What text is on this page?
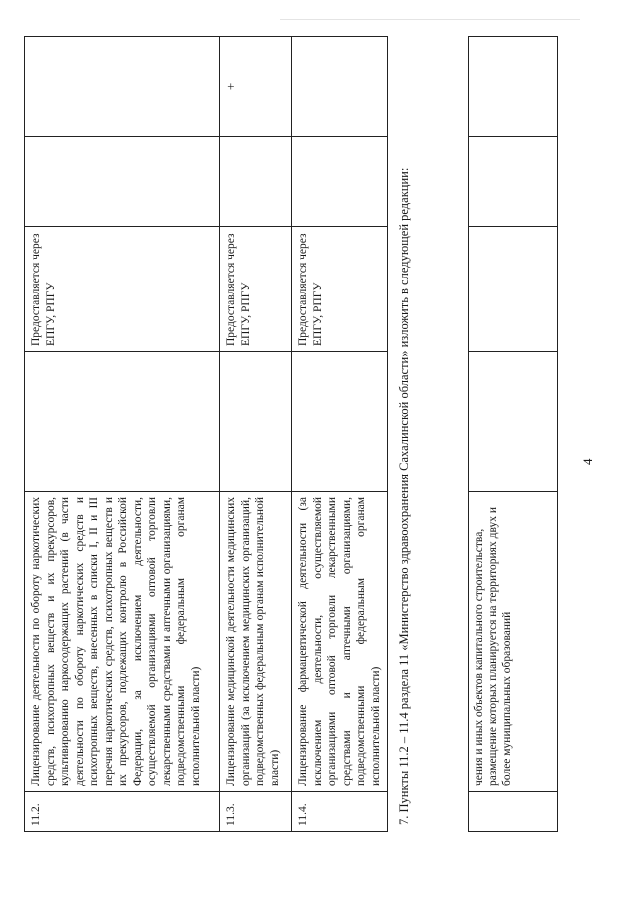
4
	чения и иных объектов капитального строительства, размещение которых планируется на территориях двух и более муниципальных образований				
7. Пункты 11.2 – 11.4 раздела 11 «Министерство здравоохранения Сахалинской области» изложить в следующей редакции:
11.2.	Лицензирование деятельности по обороту наркотических средств, психотропных веществ и их прекурсоров, культивированию наркосодержащих растений (в части деятельности по обороту наркотических средств и психотропных веществ, внесенных в списки I, II и III перечня наркотических средств, психотропных веществ и их прекурсоров, подлежащих контролю в Российской Федерации, за исключением деятельности, осуществляемой организациями оптовой торговли лекарственными средствами и аптечными организациями, подведомственными федеральным органам исполнительной власти)		Предоставляется через ЕПГУ, РПГУ		
11.3.	Лицензирование медицинской деятельности медицинских организаций (за исключением медицинских организаций, подведомственных федеральным органам исполнительной власти)		Предоставляется через ЕПГУ, РПГУ		+
11.4.	Лицензирование фармацевтической деятельности (за исключением деятельности, осуществляемой организациями оптовой торговли лекарственными средствами и аптечными организациями, подведомственными федеральным органам исполнительной власти)		Предоставляется через ЕПГУ, РПГУ		
